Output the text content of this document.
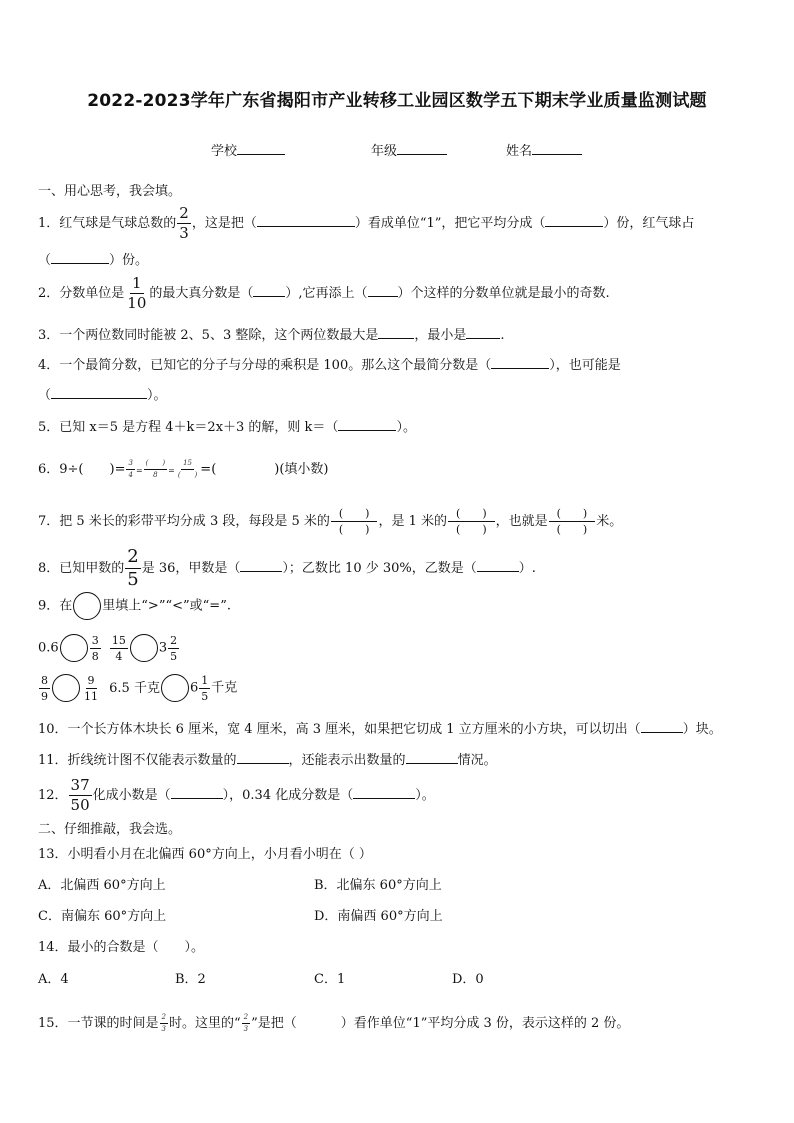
2022-2023学年广东省揭阳市产业转移工业园区数学五下期末学业质量监测试题
学校	年级	姓名
一、用心思考，我会填。
1．红气球是气球总数的 $\frac{2}{3}$ ，这是把（	）看成单位“1”，把它平均分成（	）份，红气球占
（	）份。
2．分数单位是 $\frac{1}{10}$ 的最大真分数是（ ）,它再添上（ ）个这样的分数单位就是最小的奇数.
3．一个两位数同时能被 2、5、3 整除，这个两位数最大是	，最小是	.
4．一个最简分数，已知它的分子与分母的乘积是 100。那么这个最简分数是（	），也可能是
（	）。
5．已知 x＝5 是方程 4＋k＝2x＋3 的解，则 k＝（	）。
6．9÷( )= $\frac{3}{4} = \frac{( )}{8} = \frac{15}{( )}$ =(	)(填小数)
7．把 5 米长的彩带平均分成 3 段，每段是 5 米的 $\frac{( )}{( )}$ ，是 1 米的 $\frac{( )}{( )}$ ，也就是 $\frac{( )}{( )}$ 米。
8．已知甲数的 $\frac{2}{5}$ 是 36，甲数是（	）；乙数比 10 少 30%，乙数是（	）.
9．在 里填上“>”“<”或“=”.
0.6	$\frac{3}{8}$
$\frac{15}{4} 3 \frac{2}{5}$
$\frac{8}{9}$	$\frac{9}{11} 6.5$ 千克 $6 \frac{1}{5}$ 千克
10．一个长方体木块长 6 厘米，宽 4 厘米，高 3 厘米，如果把它切成 1 立方厘米的小方块，可以切出（	）块。
11．折线统计图不仅能表示数量的	，还能表示出数量的	情况。
12． $\frac{37}{50}$ 化成小数是（	），0.34 化成分数是（	）。
二、仔细推敲，我会选。
13．小明看小月在北偏西 60°方向上，小月看小明在（ ）
A．北偏西 60°方向上	B．北偏东 60°方向上
C．南偏东 60°方向上	D．南偏西 60°方向上
14．最小的合数是（　　）。
A．4	B．2	C．1	D．0
15．一节课的时间是 $\frac{2}{3}$ 时。这里的“ $\frac{2}{3}$ ”是把（	）看作单位“1”平均分成 3 份，表示这样的 2 份。
